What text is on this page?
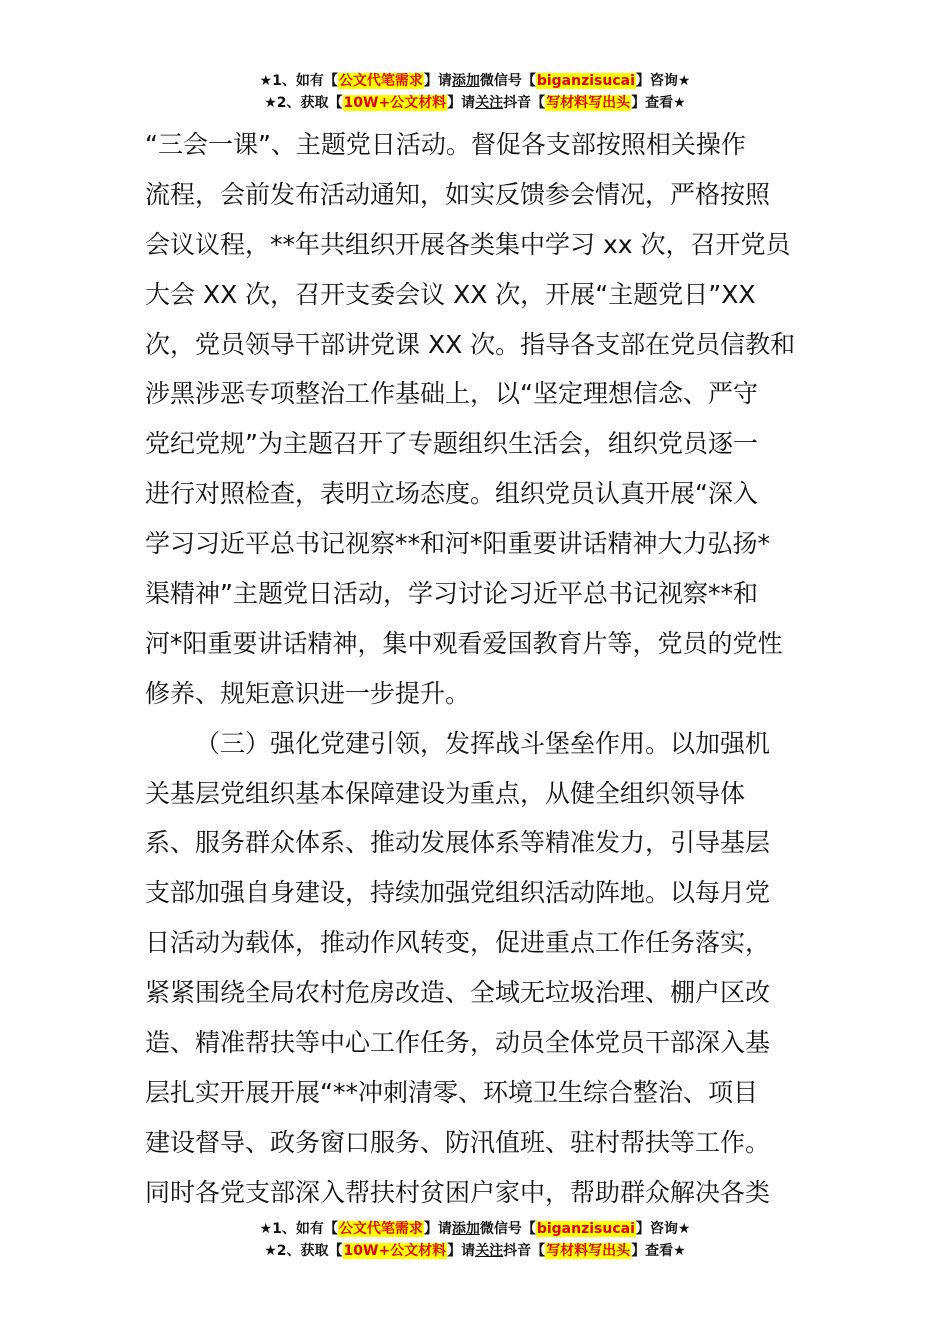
★1、如有【公文代笔需求】请添加微信号【biganzisucai】咨询★
★2、获取【10W+公文材料】请关注抖音【写材料写出头】查看★
“三会一课”、主题党日活动。督促各支部按照相关操作
流程，会前发布活动通知，如实反馈参会情况，严格按照
会议议程，**年共组织开展各类集中学习 xx 次，召开党员
大会 XX 次，召开支委会议 XX 次，开展“主题党日”XX
次，党员领导干部讲党课 XX 次。指导各支部在党员信教和
涉黑涉恶专项整治工作基础上，以“坚定理想信念、严守
党纪党规”为主题召开了专题组织生活会，组织党员逐一
进行对照检查，表明立场态度。组织党员认真开展“深入
学习习近平总书记视察**和河*阳重要讲话精神大力弘扬*
渠精神”主题党日活动，学习讨论习近平总书记视察**和
河*阳重要讲话精神，集中观看爱国教育片等，党员的党性
修养、规矩意识进一步提升。
（三）强化党建引领，发挥战斗堡垒作用。以加强机
关基层党组织基本保障建设为重点，从健全组织领导体
系、服务群众体系、推动发展体系等精准发力，引导基层
支部加强自身建设，持续加强党组织活动阵地。以每月党
日活动为载体，推动作风转变，促进重点工作任务落实，
紧紧围绕全局农村危房改造、全域无垃圾治理、棚户区改
造、精准帮扶等中心工作任务，动员全体党员干部深入基
层扎实开展开展“**冲刺清零、环境卫生综合整治、项目
建设督导、政务窗口服务、防汛值班、驻村帮扶等工作。
同时各党支部深入帮扶村贫困户家中，帮助群众解决各类
★1、如有【公文代笔需求】请添加微信号【biganzisucai】咨询★
★2、获取【10W+公文材料】请关注抖音【写材料写出头】查看★
